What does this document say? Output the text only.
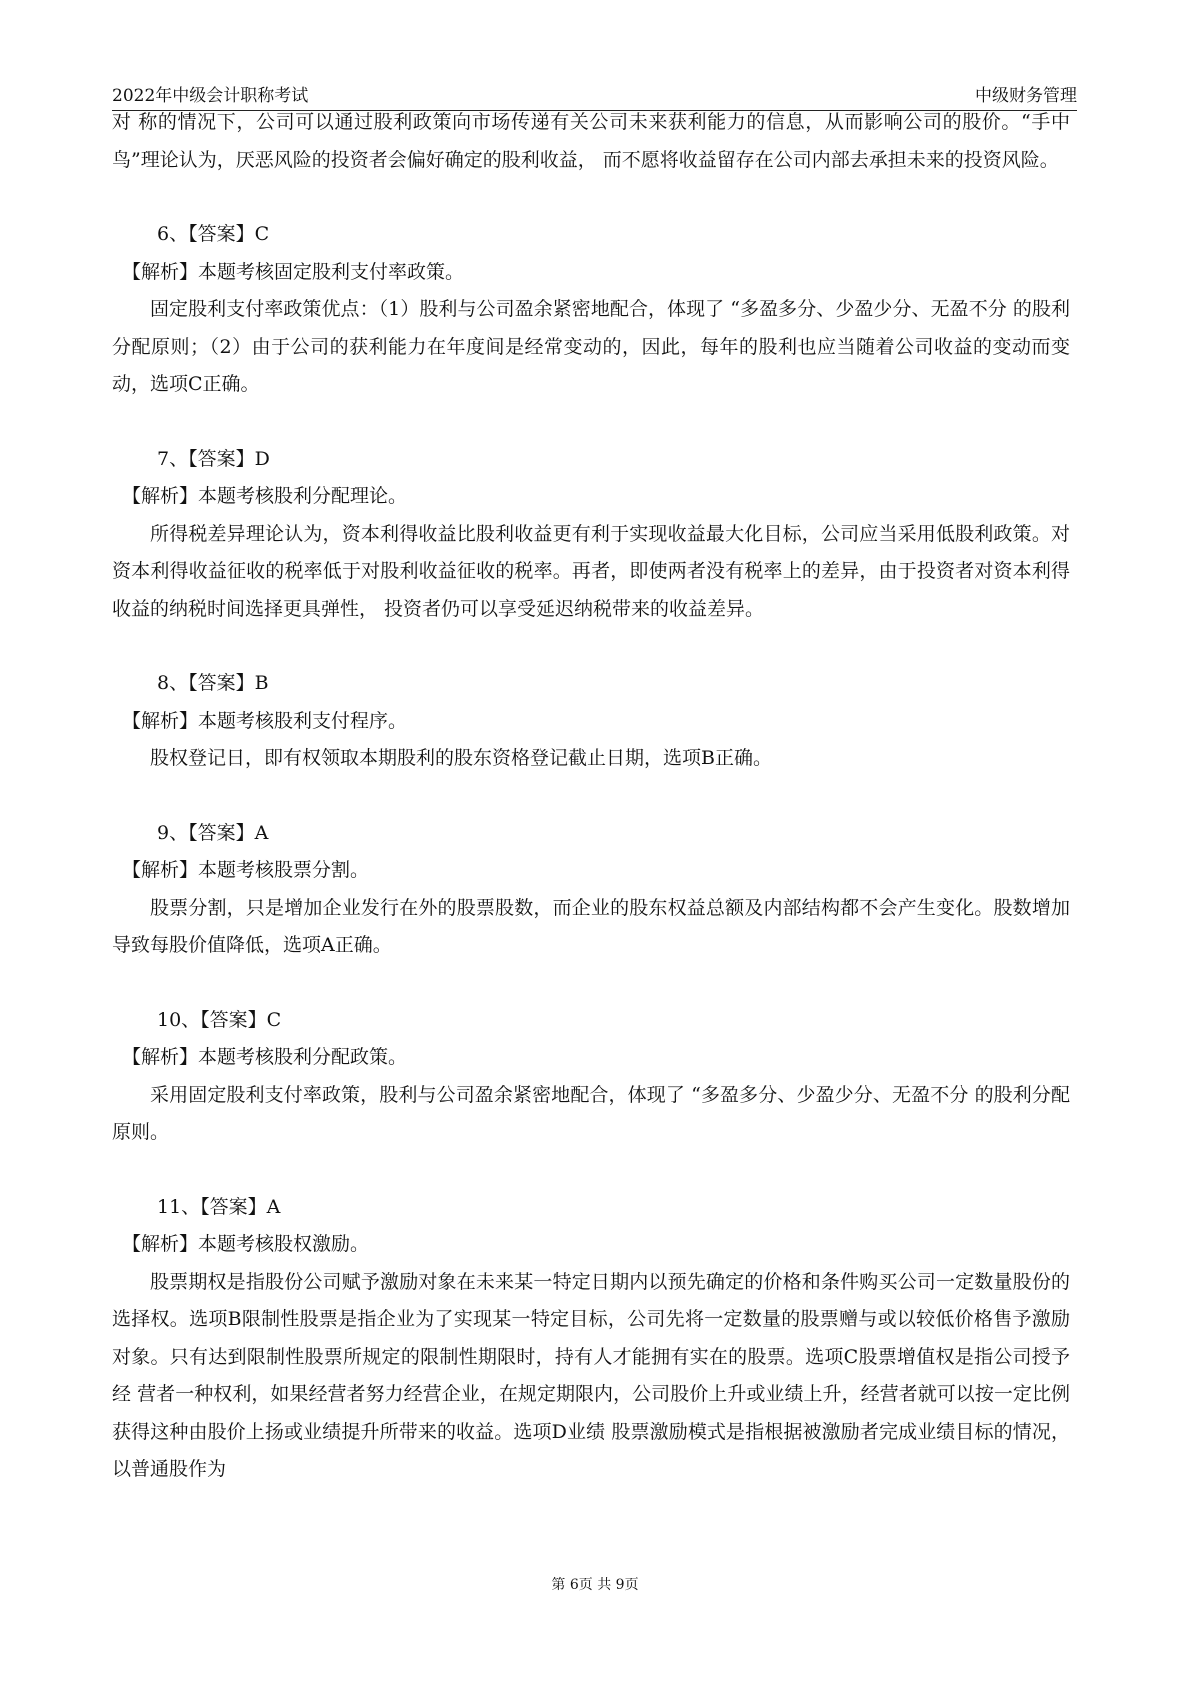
2022年中级会计职称考试	中级财务管理

对 称的情况下，公司可以通过股利政策向市场传递有关公司未来获利能力的信息，从而影响公司的股价。“手中鸟”理论认为，厌恶风险的投资者会偏好确定的股利收益， 而不愿将收益留存在公司内部去承担未来的投资风险。

6、【答案】C

【解析】本题考核固定股利支付率政策。

固定股利支付率政策优点：（1）股利与公司盈余紧密地配合，体现了 “多盈多分、少盈少分、无盈不分 的股利分配原则；（2）由于公司的获利能力在年度间是经常变动的，因此，每年的股利也应当随着公司收益的变动而变动，选项C正确。

7、【答案】D

【解析】本题考核股利分配理论。

所得税差异理论认为，资本利得收益比股利收益更有利于实现收益最大化目标，公司应当采用低股利政策。对资本利得收益征收的税率低于对股利收益征收的税率。再者，即使两者没有税率上的差异，由于投资者对资本利得收益的纳税时间选择更具弹性， 投资者仍可以享受延迟纳税带来的收益差异。

8、【答案】B

【解析】本题考核股利支付程序。

股权登记日，即有权领取本期股利的股东资格登记截止日期，选项B正确。

9、【答案】A

【解析】本题考核股票分割。

股票分割，只是增加企业发行在外的股票股数，而企业的股东权益总额及内部结构都不会产生变化。股数增加导致每股价值降低，选项A正确。

10、【答案】C

【解析】本题考核股利分配政策。

采用固定股利支付率政策，股利与公司盈余紧密地配合，体现了 “多盈多分、少盈少分、无盈不分 的股利分配原则。

11、【答案】A

【解析】本题考核股权激励。

股票期权是指股份公司赋予激励对象在未来某一特定日期内以预先确定的价格和条件购买公司一定数量股份的选择权。选项B限制性股票是指企业为了实现某一特定目标，公司先将一定数量的股票赠与或以较低价格售予激励对象。只有达到限制性股票所规定的限制性期限时，持有人才能拥有实在的股票。选项C股票增值权是指公司授予经 营者一种权利，如果经营者努力经营企业，在规定期限内，公司股价上升或业绩上升，经营者就可以按一定比例获得这种由股价上扬或业绩提升所带来的收益。选项D业绩 股票激励模式是指根据被激励者完成业绩目标的情况，以普通股作为

第 6页 共 9页
